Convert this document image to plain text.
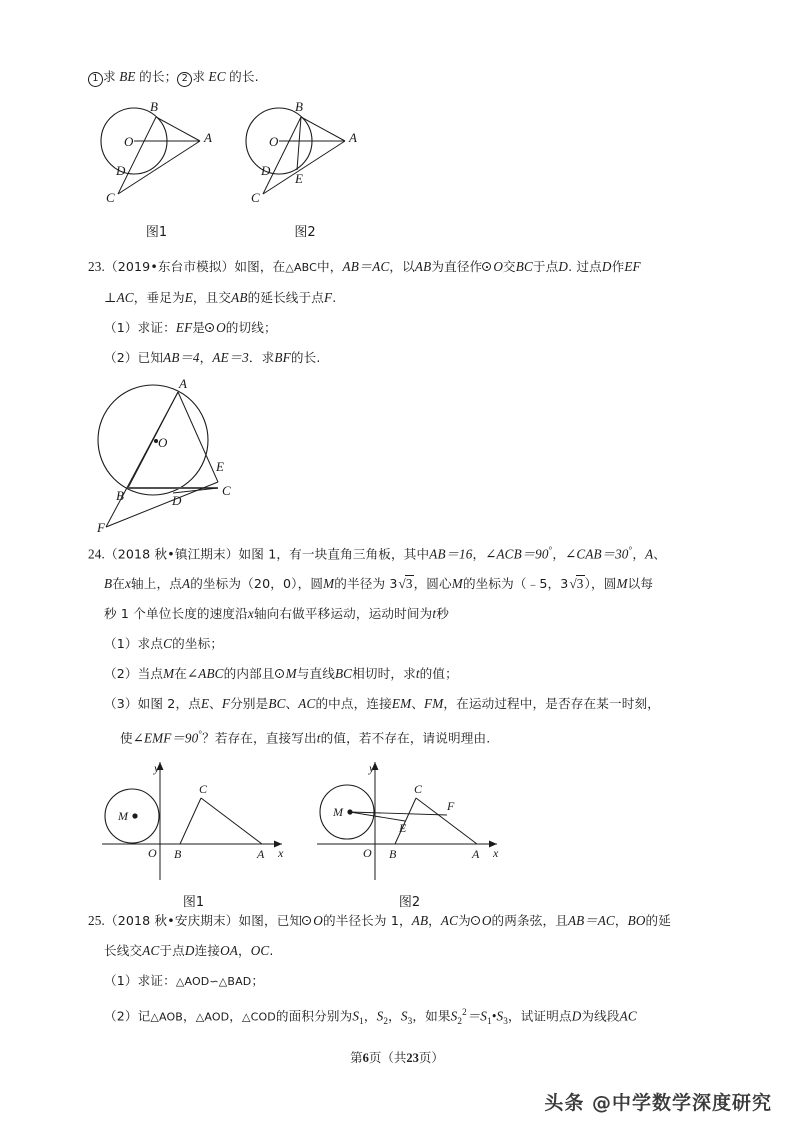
1 求 BE 的长； 2 求 EC 的长.
B
O	A
D
C
图1
B
O	A
D
E
C
图2
23.（2019•东台市模拟）如图，在△ABC中，AB＝AC，以AB为直径作 O交BC于点D. 过点D作EF
⊥AC，垂足为E，且交AB的延长线于点F.
（1）求证：EF是 O的切线；
（2）已知AB＝4，AE＝3．求BF的长.
A
O
E
B	D
C
F
24.（2018 秋•镇江期末）如图 1，有一块直角三角板，其中AB＝16，∠ACB＝90°，∠CAB＝30°，A、
B在x轴上，点A的坐标为（20，0），圆M的半径为 3√3，圆心M的坐标为（﹣5，3√3），圆M以每
秒 1 个单位长度的速度沿x轴向右做平移运动，运动时间为t秒
（1）求点C的坐标；
（2）当点M在∠ABC的内部且 M与直线BC相切时，求t的值；
（3）如图 2，点E、F分别是BC、AC的中点，连接EM、FM，在运动过程中，是否存在某一时刻，
使∠EMF＝90°？若存在，直接写出t的值，若不存在，请说明理由.
y
M
C
O B	A x
图1
y
M
C
F
E
O B	A x
图2
25.（2018 秋•安庆期末）如图，已知 O的半径长为 1，AB，AC为 O的两条弦，且AB＝AC，BO的延
长线交AC于点D连接OA，OC.
（1）求证：△AOD∽△BAD；
（2）记△AOB，△AOD，△COD的面积分别为$S_1$，$S_2$，$S_3$，如果$S_2^2=S_1•S_3$，试证明点D为线段AC
第6页（共23页）
头条 @中学数学深度研究
